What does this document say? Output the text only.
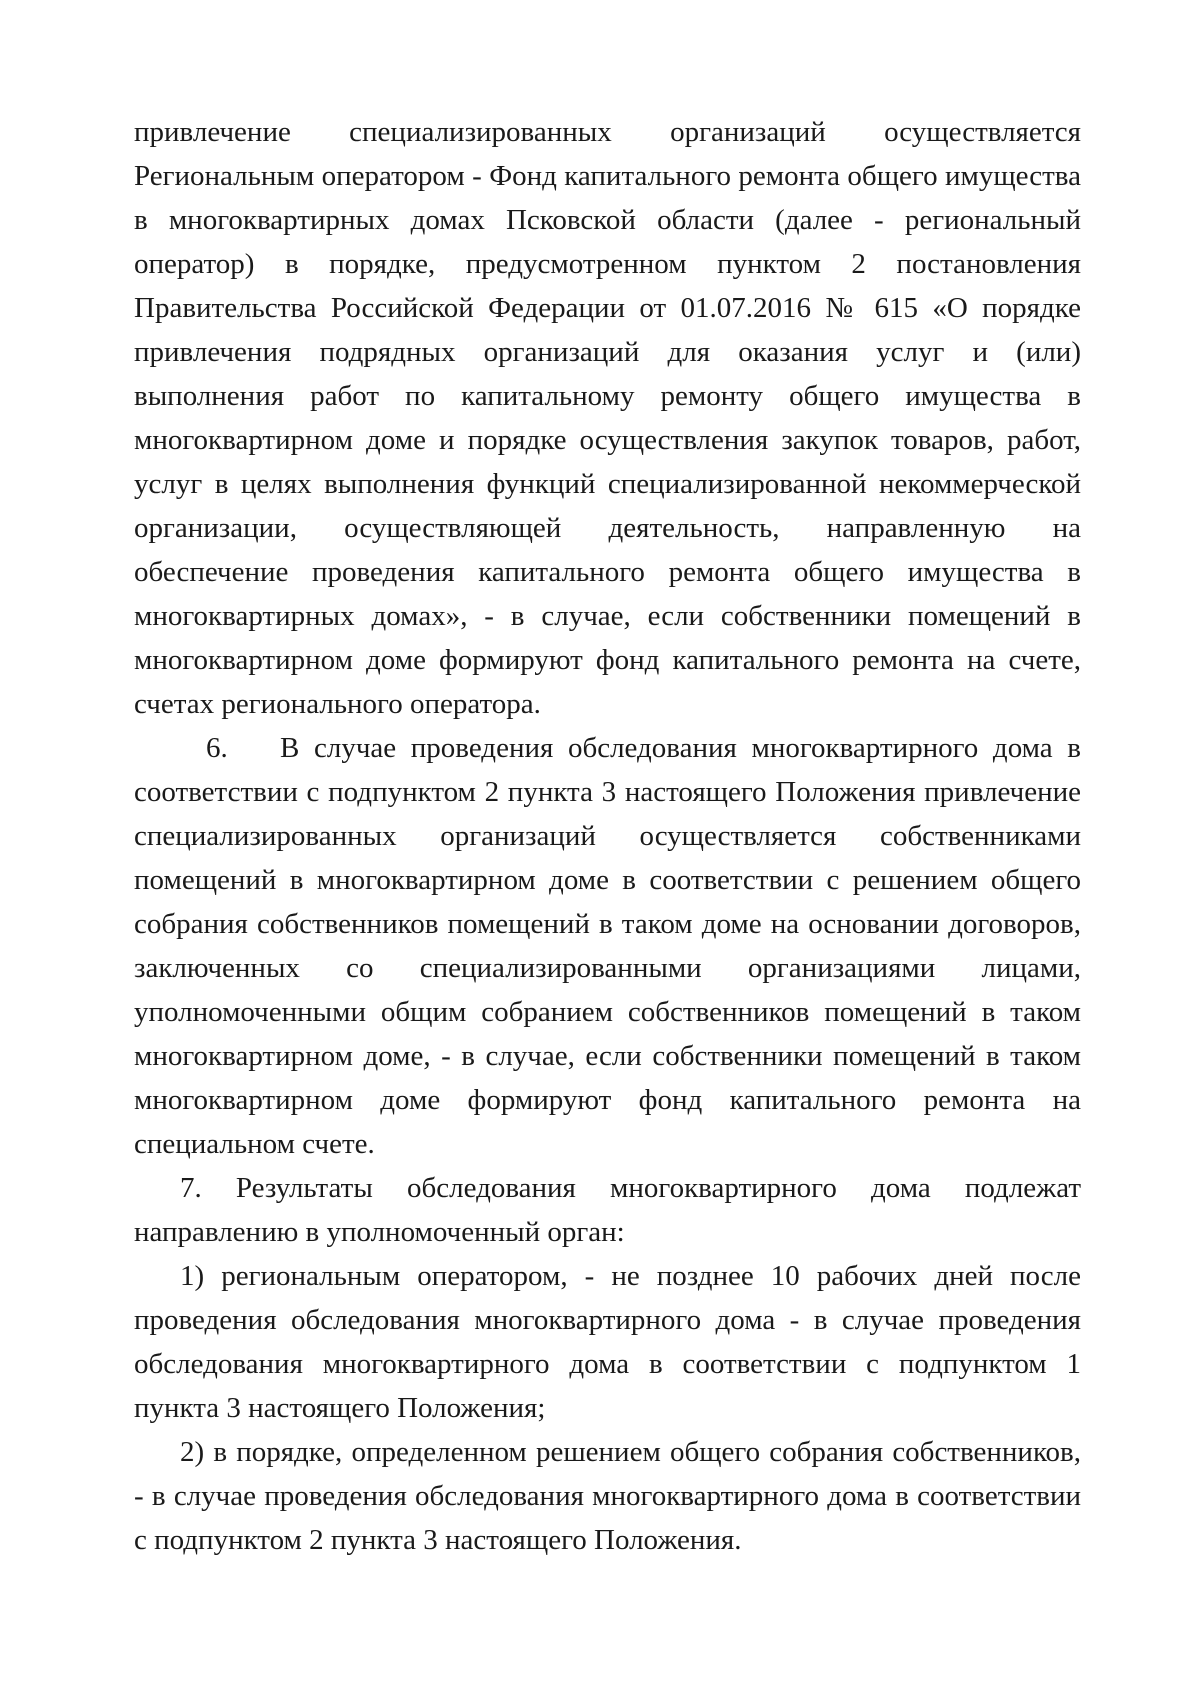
привлечение специализированных организаций осуществляется Региональным оператором - Фонд капитального ремонта общего имущества в многоквартирных домах Псковской области (далее - региональный оператор) в порядке, предусмотренном пунктом 2 постановления Правительства Российской Федерации от 01.07.2016 № 615 «О порядке привлечения подрядных организаций для оказания услуг и (или) выполнения работ по капитальному ремонту общего имущества в многоквартирном доме и порядке осуществления закупок товаров, работ, услуг в целях выполнения функций специализированной некоммерческой организации, осуществляющей деятельность, направленную на обеспечение проведения капитального ремонта общего имущества в многоквартирных домах», - в случае, если собственники помещений в многоквартирном доме формируют фонд капитального ремонта на счете, счетах регионального оператора.

6. В случае проведения обследования многоквартирного дома в соответствии с подпунктом 2 пункта 3 настоящего Положения привлечение специализированных организаций осуществляется собственниками помещений в многоквартирном доме в соответствии с решением общего собрания собственников помещений в таком доме на основании договоров, заключенных со специализированными организациями лицами, уполномоченными общим собранием собственников помещений в таком многоквартирном доме, - в случае, если собственники помещений в таком многоквартирном доме формируют фонд капитального ремонта на специальном счете.

7. Результаты обследования многоквартирного дома подлежат направлению в уполномоченный орган:

1) региональным оператором, - не позднее 10 рабочих дней после проведения обследования многоквартирного дома - в случае проведения обследования многоквартирного дома в соответствии с подпунктом 1 пункта 3 настоящего Положения;

2) в порядке, определенном решением общего собрания собственников, - в случае проведения обследования многоквартирного дома в соответствии с подпунктом 2 пункта 3 настоящего Положения.
